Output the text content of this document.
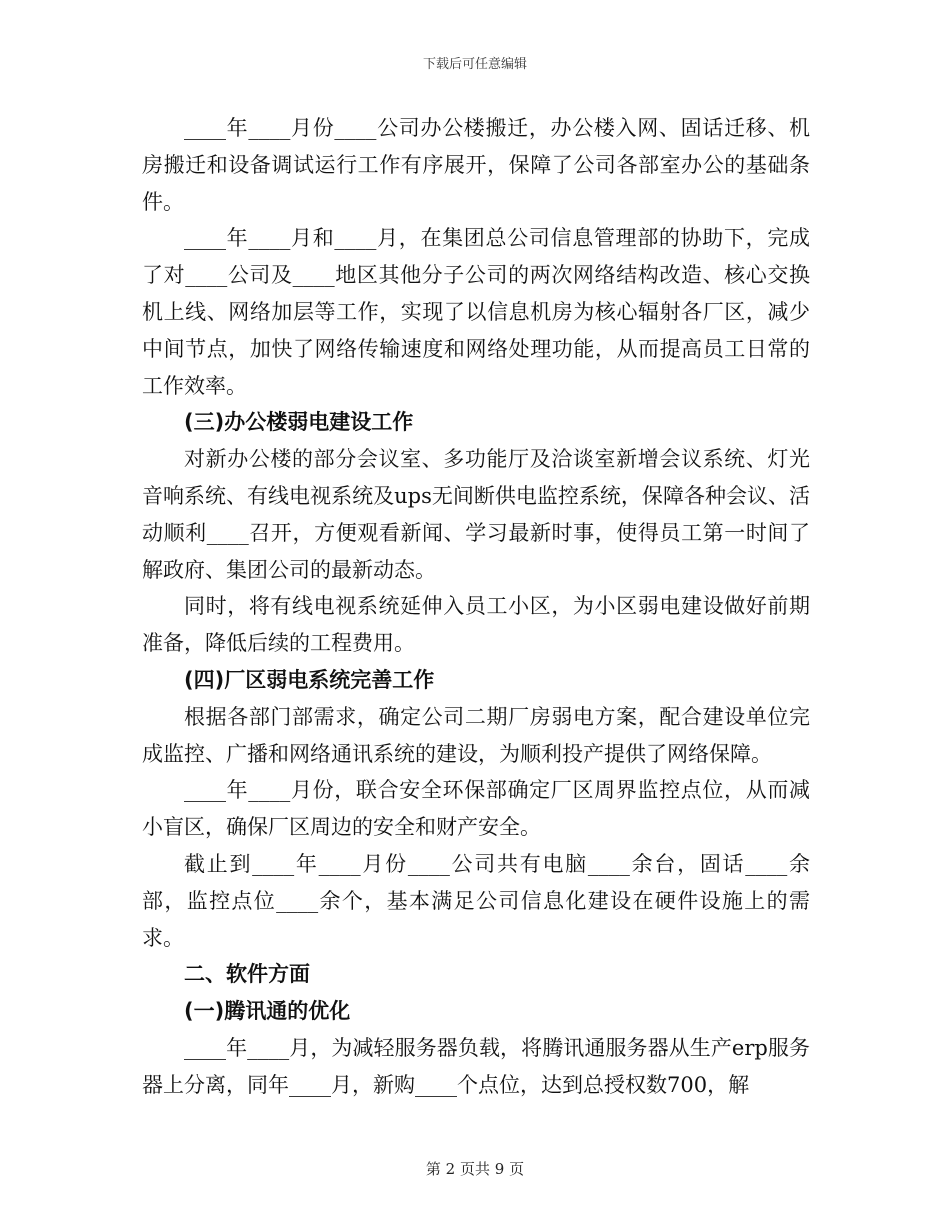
下载后可任意编辑

____年____月份____公司办公楼搬迁，办公楼入网、固话迁移、机房搬迁和设备调试运行工作有序展开，保障了公司各部室办公的基础条件。

____年____月和____月，在集团总公司信息管理部的协助下，完成了对____公司及____地区其他分子公司的两次网络结构改造、核心交换机上线、网络加层等工作，实现了以信息机房为核心辐射各厂区，减少中间节点，加快了网络传输速度和网络处理功能，从而提高员工日常的工作效率。

(三)办公楼弱电建设工作

对新办公楼的部分会议室、多功能厅及洽谈室新增会议系统、灯光音响系统、有线电视系统及ups无间断供电监控系统，保障各种会议、活动顺利____召开，方便观看新闻、学习最新时事，使得员工第一时间了解政府、集团公司的最新动态。

同时，将有线电视系统延伸入员工小区，为小区弱电建设做好前期准备，降低后续的工程费用。

(四)厂区弱电系统完善工作

根据各部门部需求，确定公司二期厂房弱电方案，配合建设单位完成监控、广播和网络通讯系统的建设，为顺利投产提供了网络保障。

____年____月份，联合安全环保部确定厂区周界监控点位，从而减小盲区，确保厂区周边的安全和财产安全。

截止到____年____月份____公司共有电脑____余台，固话____余部，监控点位____余个，基本满足公司信息化建设在硬件设施上的需求。

二、软件方面
(一)腾讯通的优化

____年____月，为减轻服务器负载，将腾讯通服务器从生产erp服务器上分离，同年____月，新购____个点位，达到总授权数700，解

第 2 页共 9 页
